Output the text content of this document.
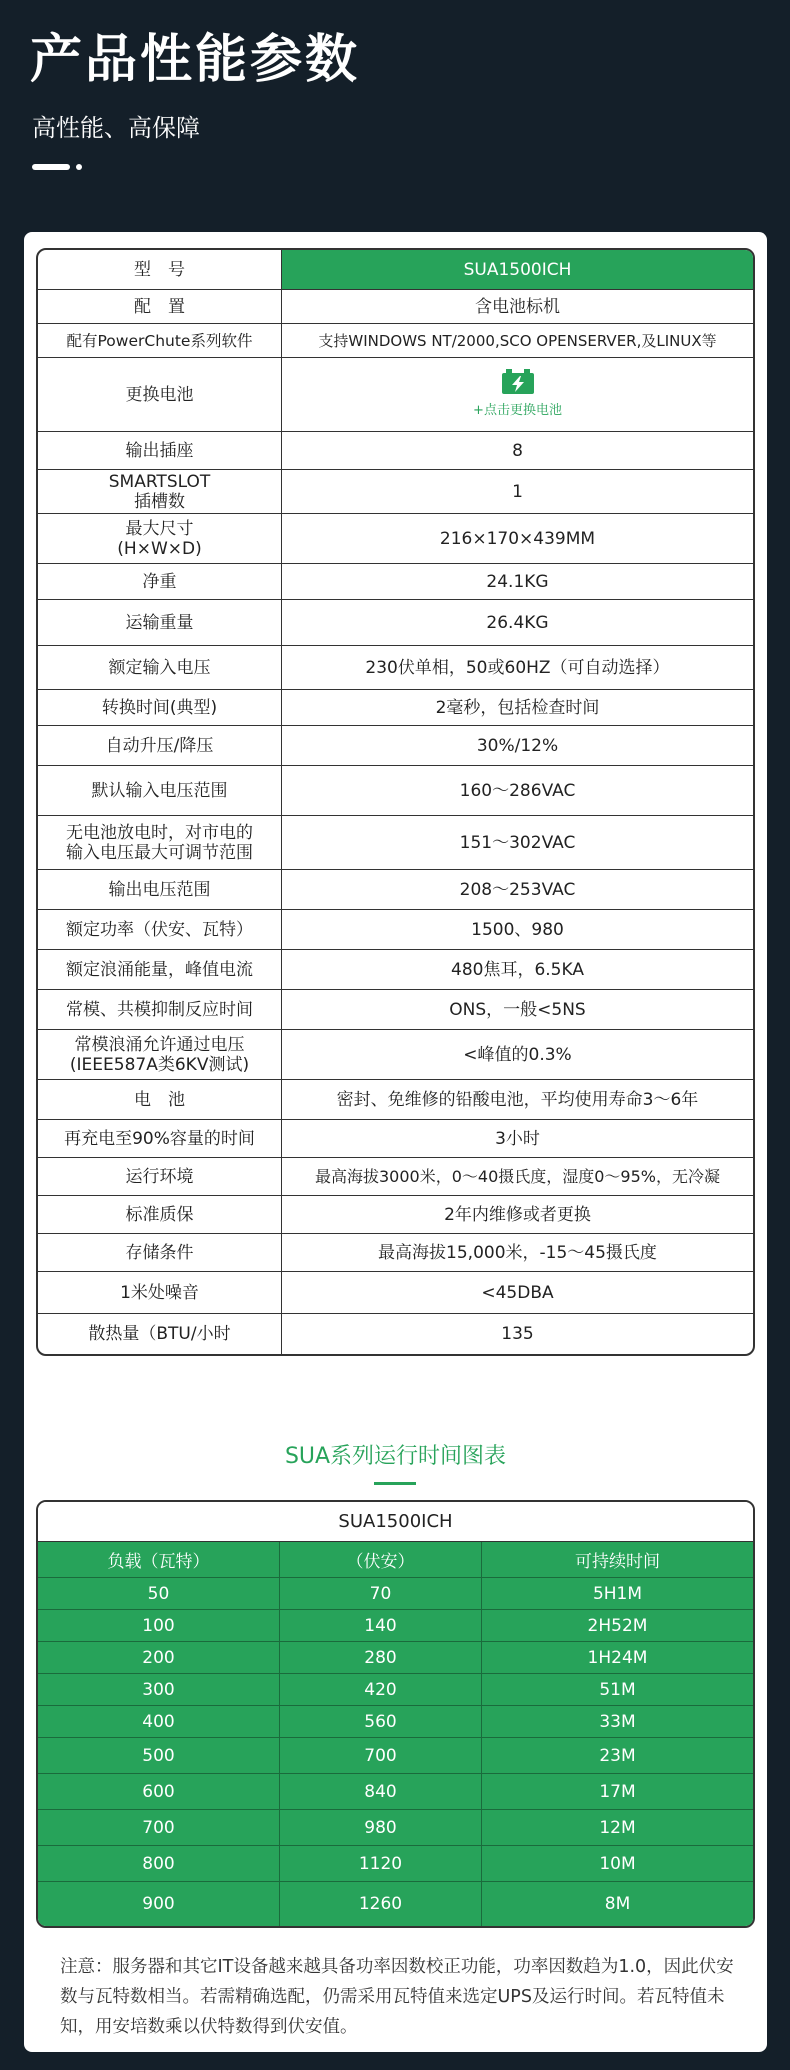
产品性能参数
高性能、高保障
型　号	SUA1500ICH
配　置	含电池标机
配有PowerChute系列软件	支持WINDOWS NT/2000,SCO OPENSERVER,及LINUX等
更换电池
+点击更换电池
输出插座	8
SMARTSLOT
插槽数	1
最大尺寸
(H×W×D)	216×170×439MM
净重	24.1KG
运输重量	26.4KG
额定输入电压	230伏单相，50或60HZ（可自动选择）
转换时间(典型)	2毫秒，包括检查时间
自动升压/降压	30%/12%
默认输入电压范围	160～286VAC
无电池放电时，对市电的
输入电压最大可调节范围	151～302VAC
输出电压范围	208～253VAC
额定功率（伏安、瓦特）	1500、980
额定浪涌能量，峰值电流	480焦耳，6.5KA
常模、共模抑制反应时间	ONS，一般<5NS
常模浪涌允许通过电压
(IEEE587A类6KV测试)	<峰值的0.3%
电　池	密封、免维修的铅酸电池，平均使用寿命3～6年
再充电至90%容量的时间	3小时
运行环境	最高海拔3000米，0～40摄氏度，湿度0～95%，无冷凝
标准质保	2年内维修或者更换
存储条件	最高海拔15,000米，-15～45摄氏度
1米处噪音	<45DBA
散热量（BTU/小时	135
SUA系列运行时间图表
SUA1500ICH
负载（瓦特）	（伏安）	可持续时间
50	70	5H1M
100	140	2H52M
200	280	1H24M
300	420	51M
400	560	33M
500	700	23M
600	840	17M
700	980	12M
800	1120	10M
900	1260	8M
注意：服务器和其它IT设备越来越具备功率因数校正功能，功率因数趋为1.0，因此伏安数与瓦特数相当。若需精确选配，仍需采用瓦特值来选定UPS及运行时间。若瓦特值未知，用安培数乘以伏特数得到伏安值。
